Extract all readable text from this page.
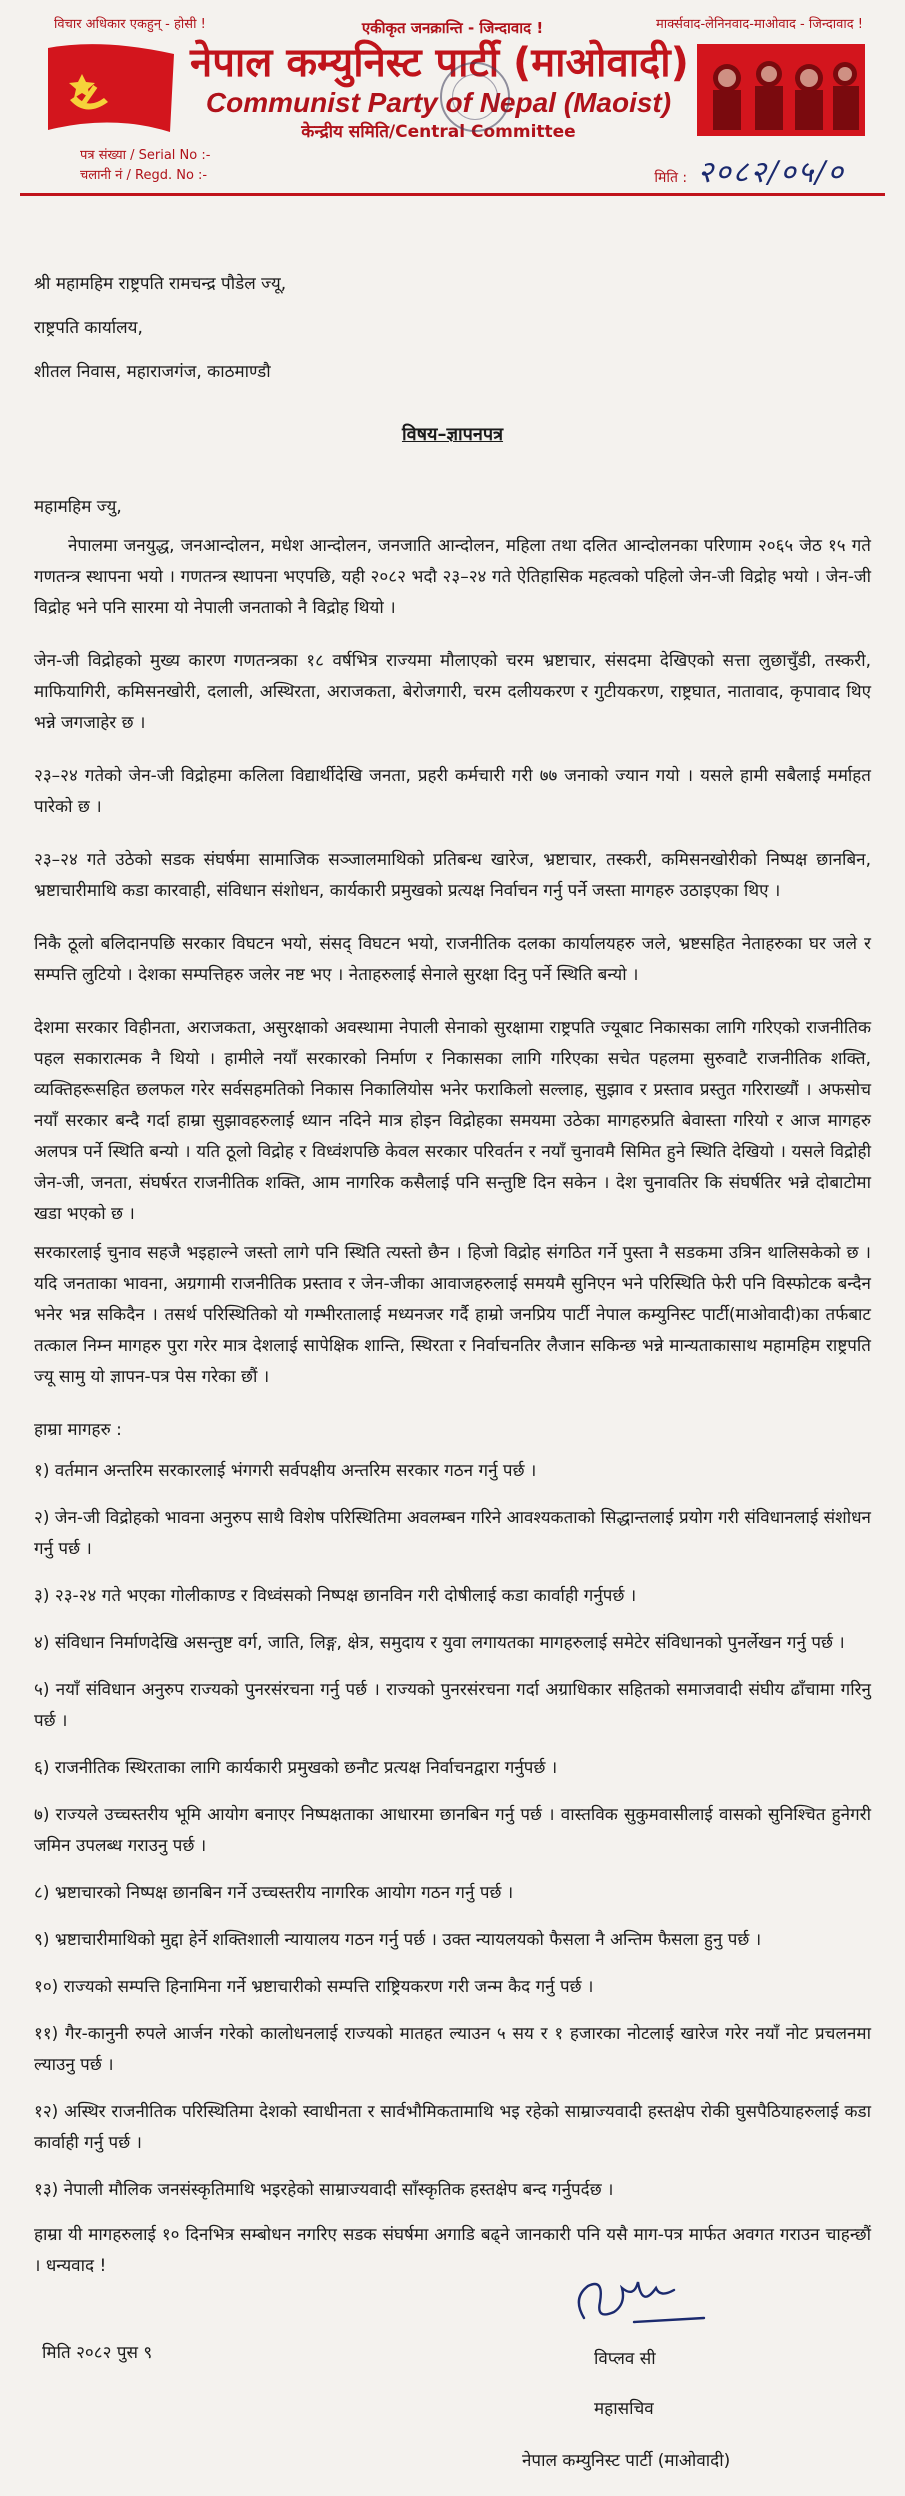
विचार अधिकार एकहुन् - होसी !	एकीकृत जनक्रान्ति - जिन्दावाद !	मार्क्सवाद-लेनिनवाद-माओवाद - जिन्दावाद !
नेपाल कम्युनिस्ट पार्टी (माओवादी)
Communist Party of Nepal (Maoist)
केन्द्रीय समिति/Central Committee
पत्र संख्या / Serial No :-
चलानी नं / Regd. No :-	मिति : २०८२/०५/०
श्री महामहिम राष्ट्रपति रामचन्द्र पौडेल ज्यू,
राष्ट्रपति कार्यालय,
शीतल निवास, महाराजगंज, काठमाण्डौ
विषय–ज्ञापनपत्र
महामहिम ज्यु,

नेपालमा जनयुद्ध, जनआन्दोलन, मधेश आन्दोलन, जनजाति आन्दोलन, महिला तथा दलित आन्दोलनका परिणाम २०६५ जेठ १५ गते गणतन्त्र स्थापना भयो । गणतन्त्र स्थापना भएपछि, यही २०८२ भदौ २३–२४ गते ऐतिहासिक महत्वको पहिलो जेन-जी विद्रोह भयो । जेन-जी विद्रोह भने पनि सारमा यो नेपाली जनताको नै विद्रोह थियो ।

जेन-जी विद्रोहको मुख्य कारण गणतन्त्रका १८ वर्षभित्र राज्यमा मौलाएको चरम भ्रष्टाचार, संसदमा देखिएको सत्ता लुछाचुँडी, तस्करी, माफियागिरी, कमिसनखोरी, दलाली, अस्थिरता, अराजकता, बेरोजगारी, चरम दलीयकरण र गुटीयकरण, राष्ट्रघात, नातावाद, कृपावाद थिए भन्ने जगजाहेर छ ।

२३–२४ गतेको जेन-जी विद्रोहमा कलिला विद्यार्थीदेखि जनता, प्रहरी कर्मचारी गरी ७७ जनाको ज्यान गयो । यसले हामी सबैलाई मर्माहत पारेको छ ।

२३–२४ गते उठेको सडक संघर्षमा सामाजिक सञ्जालमाथिको प्रतिबन्ध खारेज, भ्रष्टाचार, तस्करी, कमिसनखोरीको निष्पक्ष छानबिन, भ्रष्टाचारीमाथि कडा कारवाही, संविधान संशोधन, कार्यकारी प्रमुखको प्रत्यक्ष निर्वाचन गर्नु पर्ने जस्ता मागहरु उठाइएका थिए ।

निकै ठूलो बलिदानपछि सरकार विघटन भयो, संसद् विघटन भयो, राजनीतिक दलका कार्यालयहरु जले, भ्रष्टसहित नेताहरुका घर जले र सम्पत्ति लुटियो । देशका सम्पत्तिहरु जलेर नष्ट भए । नेताहरुलाई सेनाले सुरक्षा दिनु पर्ने स्थिति बन्यो ।

देशमा सरकार विहीनता, अराजकता, असुरक्षाको अवस्थामा नेपाली सेनाको सुरक्षामा राष्ट्रपति ज्यूबाट निकासका लागि गरिएको राजनीतिक पहल सकारात्मक नै थियो । हामीले नयाँ सरकारको निर्माण र निकासका लागि गरिएका सचेत पहलमा सुरुवाटै राजनीतिक शक्ति, व्यक्तिहरूसहित छलफल गरेर सर्वसहमतिको निकास निकालियोस भनेर फराकिलो सल्लाह, सुझाव र प्रस्ताव प्रस्तुत गरिराख्यौं । अफसोच नयाँ सरकार बन्दै गर्दा हाम्रा सुझावहरुलाई ध्यान नदिने मात्र होइन विद्रोहका समयमा उठेका मागहरुप्रति बेवास्ता गरियो र आज मागहरु अलपत्र पर्ने स्थिति बन्यो । यति ठूलो विद्रोह र विध्वंशपछि केवल सरकार परिवर्तन र नयाँ चुनावमै सिमित हुने स्थिति देखियो । यसले विद्रोही जेन-जी, जनता, संघर्षरत राजनीतिक शक्ति, आम नागरिक कसैलाई पनि सन्तुष्टि दिन सकेन । देश चुनावतिर कि संघर्षतिर भन्ने दोबाटोमा खडा भएको छ ।

सरकारलाई चुनाव सहजै भइहाल्ने जस्तो लागे पनि स्थिति त्यस्तो छैन । हिजो विद्रोह संगठित गर्ने पुस्ता नै सडकमा उत्रिन थालिसकेको छ । यदि जनताका भावना, अग्रगामी राजनीतिक प्रस्ताव र जेन-जीका आवाजहरुलाई समयमै सुनिएन भने परिस्थिति फेरी पनि विस्फोटक बन्दैन भनेर भन्न सकिदैन । तसर्थ परिस्थितिको यो गम्भीरतालाई मध्यनजर गर्दै हाम्रो जनप्रिय पार्टी नेपाल कम्युनिस्ट पार्टी(माओवादी)का तर्फबाट तत्काल निम्न मागहरु पुरा गरेर मात्र देशलाई सापेक्षिक शान्ति, स्थिरता र निर्वाचनतिर लैजान सकिन्छ भन्ने मान्यताकासाथ महामहिम राष्ट्रपति ज्यू सामु यो ज्ञापन-पत्र पेस गरेका छौं ।

हाम्रा मागहरु :

१) वर्तमान अन्तरिम सरकारलाई भंगगरी सर्वपक्षीय अन्तरिम सरकार गठन गर्नु पर्छ ।

२) जेन-जी विद्रोहको भावना अनुरुप साथै विशेष परिस्थितिमा अवलम्बन गरिने आवश्यकताको सिद्धान्तलाई प्रयोग गरी संविधानलाई संशोधन गर्नु पर्छ ।

३) २३-२४ गते भएका गोलीकाण्ड र विध्वंसको निष्पक्ष छानविन गरी दोषीलाई कडा कार्वाही गर्नुपर्छ ।

४) संविधान निर्माणदेखि असन्तुष्ट वर्ग, जाति, लिङ्ग, क्षेत्र, समुदाय र युवा लगायतका मागहरुलाई समेटेर संविधानको पुनर्लेखन गर्नु पर्छ ।

५) नयाँ संविधान अनुरुप राज्यको पुनरसंरचना गर्नु पर्छ । राज्यको पुनरसंरचना गर्दा अग्राधिकार सहितको समाजवादी संघीय ढाँचामा गरिनु पर्छ ।

६) राजनीतिक स्थिरताका लागि कार्यकारी प्रमुखको छनौट प्रत्यक्ष निर्वाचनद्वारा गर्नुपर्छ ।

७) राज्यले उच्चस्तरीय भूमि आयोग बनाएर निष्पक्षताका आधारमा छानबिन गर्नु पर्छ । वास्तविक सुकुमवासीलाई वासको सुनिश्चित हुनेगरी जमिन उपलब्ध गराउनु पर्छ ।

८) भ्रष्टाचारको निष्पक्ष छानबिन गर्ने उच्चस्तरीय नागरिक आयोग गठन गर्नु पर्छ ।

९) भ्रष्टाचारीमाथिको मुद्दा हेर्ने शक्तिशाली न्यायालय गठन गर्नु पर्छ । उक्त न्यायलयको फैसला नै अन्तिम फैसला हुनु पर्छ ।

१०) राज्यको सम्पत्ति हिनामिना गर्ने भ्रष्टाचारीको सम्पत्ति राष्ट्रियकरण गरी जन्म कैद गर्नु पर्छ ।

११) गैर-कानुनी रुपले आर्जन गरेको कालोधनलाई राज्यको मातहत ल्याउन ५ सय र १ हजारका नोटलाई खारेज गरेर नयाँ नोट प्रचलनमा ल्याउनु पर्छ ।

१२) अस्थिर राजनीतिक परिस्थितिमा देशको स्वाधीनता र सार्वभौमिकतामाथि भइ रहेको साम्राज्यवादी हस्तक्षेप रोकी घुसपैठियाहरुलाई कडा कार्वाही गर्नु पर्छ ।

१३) नेपाली मौलिक जनसंस्कृतिमाथि भइरहेको साम्राज्यवादी साँस्कृतिक हस्तक्षेप बन्द गर्नुपर्दछ ।

हाम्रा यी मागहरुलाई १० दिनभित्र सम्बोधन नगरिए सडक संघर्षमा अगाडि बढ्ने जानकारी पनि यसै माग-पत्र मार्फत अवगत गराउन चाहन्छौं । धन्यवाद !

मिति २०८२ पुस ९	विप्लव सी
महासचिव
नेपाल कम्युनिस्ट पार्टी (माओवादी)
